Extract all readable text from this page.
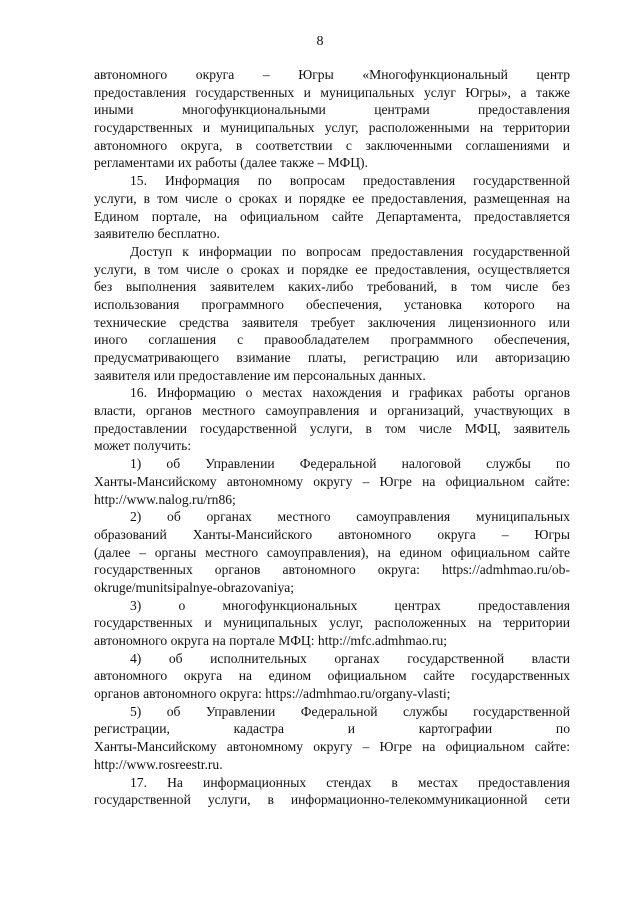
8
автономного округа – Югры «Многофункциональный центр
предоставления государственных и муниципальных услуг Югры», а также
иными многофункциональными центрами предоставления
государственных и муниципальных услуг, расположенными на территории
автономного округа, в соответствии с заключенными соглашениями и
регламентами их работы (далее также – МФЦ).
15. Информация по вопросам предоставления государственной
услуги, в том числе о сроках и порядке ее предоставления, размещенная на
Едином портале, на официальном сайте Департамента, предоставляется
заявителю бесплатно.
Доступ к информации по вопросам предоставления государственной
услуги, в том числе о сроках и порядке ее предоставления, осуществляется
без выполнения заявителем каких-либо требований, в том числе без
использования программного обеспечения, установка которого на
технические средства заявителя требует заключения лицензионного или
иного соглашения с правообладателем программного обеспечения,
предусматривающего взимание платы, регистрацию или авторизацию
заявителя или предоставление им персональных данных.
16. Информацию о местах нахождения и графиках работы органов
власти, органов местного самоуправления и организаций, участвующих в
предоставлении государственной услуги, в том числе МФЦ, заявитель
может получить:
1) об Управлении Федеральной налоговой службы по
Ханты-Мансийскому автономному округу – Югре на официальном сайте:
http://www.nalog.ru/rn86;
2) об органах местного самоуправления муниципальных
образований Ханты-Мансийского автономного округа – Югры
(далее – органы местного самоуправления), на едином официальном сайте
государственных органов автономного округа: https://admhmao.ru/ob-
okruge/munitsipalnye-obrazovaniya;
3) о многофункциональных центрах предоставления
государственных и муниципальных услуг, расположенных на территории
автономного округа на портале МФЦ: http://mfc.admhmao.ru;
4) об исполнительных органах государственной власти
автономного округа на едином официальном сайте государственных
органов автономного округа: https://admhmao.ru/organy-vlasti;
5) об Управлении Федеральной службы государственной
регистрации, кадастра и картографии по
Ханты-Мансийскому автономному округу – Югре на официальном сайте:
http://www.rosreestr.ru.
17. На информационных стендах в местах предоставления
государственной услуги, в информационно-телекоммуникационной сети
